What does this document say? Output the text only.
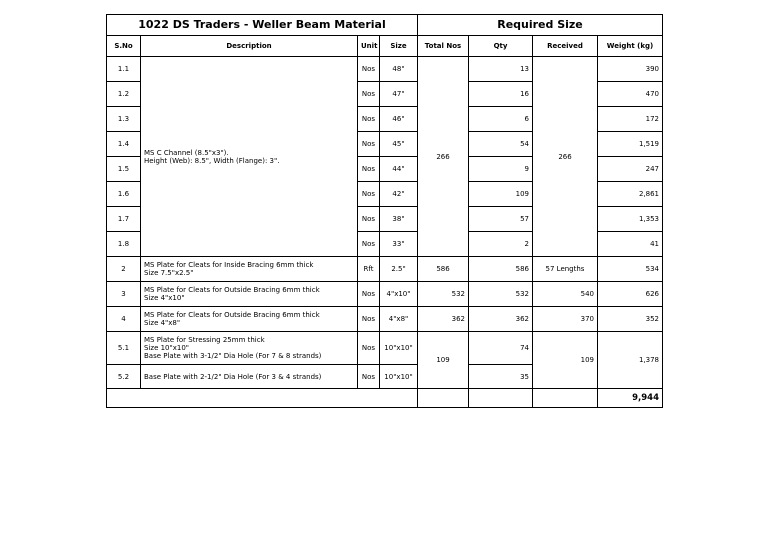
1022 DS Traders - Weller Beam Material				Required Size			
S.No	Description	Unit	Size	Total Nos	Qty	Received	Weight (kg)
1.1	MS C Channel (8.5"x3").
Height (Web): 8.5", Width (Flange): 3".	Nos	48"	266	13	266	390
1.2		Nos	47"		16		470
1.3		Nos	46"		6		172
1.4		Nos	45"		54		1,519
1.5		Nos	44"		9		247
1.6		Nos	42"		109		2,861
1.7		Nos	38"		57		1,353
1.8		Nos	33"		2		41
2	MS Plate for Cleats for Inside Bracing 6mm thick
Size 7.5"x2.5"	Rft	2.5"	586	586	57 Lengths	534
3	MS Plate for Cleats for Outside Bracing 6mm thick
Size 4"x10"	Nos	4"x10"	532	532	540	626
4	MS Plate for Cleats for Outside Bracing 6mm thick
Size 4"x8"	Nos	4"x8"	362	362	370	352
5.1	MS Plate for Stressing 25mm thick
Size 10"x10"
Base Plate with 3-1/2" Dia Hole (For 7 & 8 strands)	Nos	10"x10"	109	74	109	1,378
5.2	Base Plate with 2-1/2" Dia Hole (For 3 & 4 strands)	Nos	10"x10"		35		
							9,944
